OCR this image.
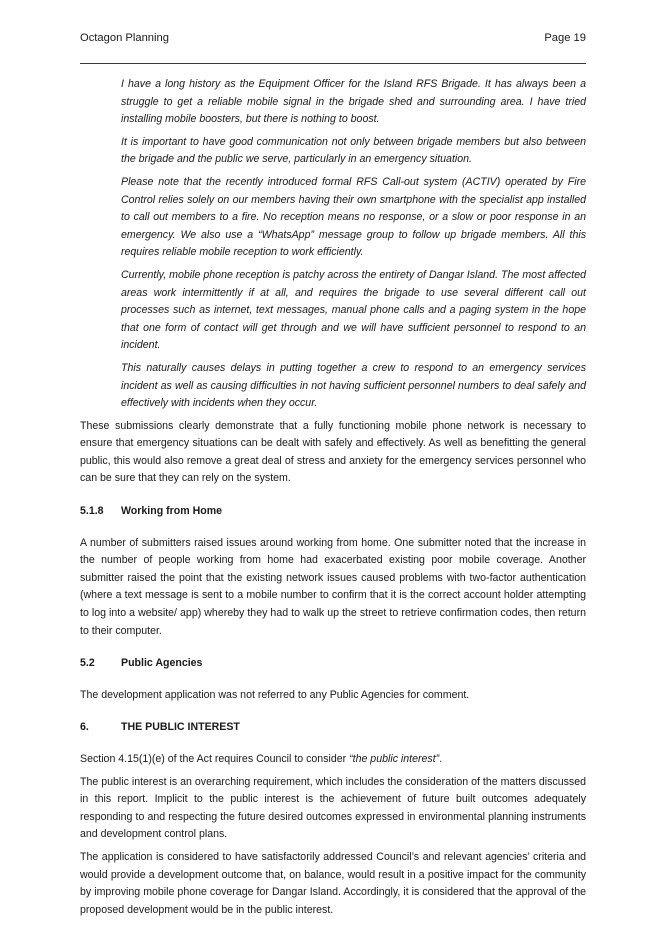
Octagon Planning	Page 19

I have a long history as the Equipment Officer for the Island RFS Brigade. It has always been a struggle to get a reliable mobile signal in the brigade shed and surrounding area. I have tried installing mobile boosters, but there is nothing to boost.

It is important to have good communication not only between brigade members but also between the brigade and the public we serve, particularly in an emergency situation.

Please note that the recently introduced formal RFS Call-out system (ACTIV) operated by Fire Control relies solely on our members having their own smartphone with the specialist app installed to call out members to a fire. No reception means no response, or a slow or poor response in an emergency. We also use a “WhatsApp” message group to follow up brigade members. All this requires reliable mobile reception to work efficiently.

Currently, mobile phone reception is patchy across the entirety of Dangar Island. The most affected areas work intermittently if at all, and requires the brigade to use several different call out processes such as internet, text messages, manual phone calls and a paging system in the hope that one form of contact will get through and we will have sufficient personnel to respond to an incident.

This naturally causes delays in putting together a crew to respond to an emergency services incident as well as causing difficulties in not having sufficient personnel numbers to deal safely and effectively with incidents when they occur.

These submissions clearly demonstrate that a fully functioning mobile phone network is necessary to ensure that emergency situations can be dealt with safely and effectively. As well as benefitting the general public, this would also remove a great deal of stress and anxiety for the emergency services personnel who can be sure that they can rely on the system.

5.1.8	Working from Home

A number of submitters raised issues around working from home. One submitter noted that the increase in the number of people working from home had exacerbated existing poor mobile coverage. Another submitter raised the point that the existing network issues caused problems with two-factor authentication (where a text message is sent to a mobile number to confirm that it is the correct account holder attempting to log into a website/ app) whereby they had to walk up the street to retrieve confirmation codes, then return to their computer.

5.2	Public Agencies

The development application was not referred to any Public Agencies for comment.

6.	THE PUBLIC INTEREST

Section 4.15(1)(e) of the Act requires Council to consider “the public interest”.

The public interest is an overarching requirement, which includes the consideration of the matters discussed in this report. Implicit to the public interest is the achievement of future built outcomes adequately responding to and respecting the future desired outcomes expressed in environmental planning instruments and development control plans.

The application is considered to have satisfactorily addressed Council’s and relevant agencies’ criteria and would provide a development outcome that, on balance, would result in a positive impact for the community by improving mobile phone coverage for Dangar Island. Accordingly, it is considered that the approval of the proposed development would be in the public interest.
